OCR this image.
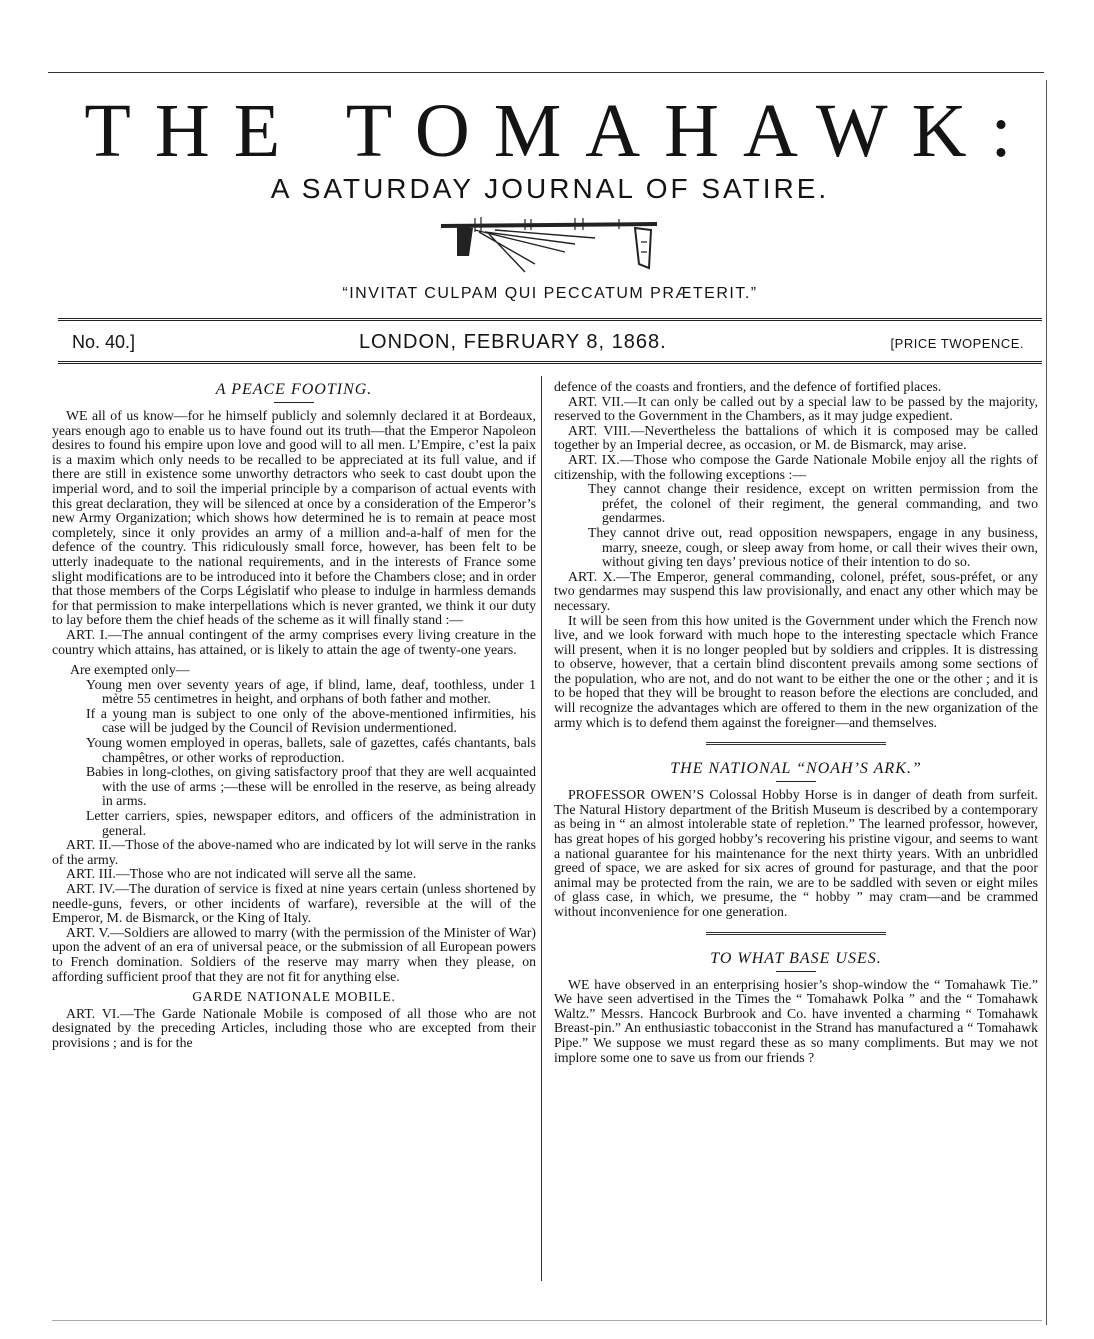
THE TOMAHAWK:
A SATURDAY JOURNAL OF SATIRE.
“INVITAT CULPAM QUI PECCATUM PRÆTERIT.”
No. 40.]	LONDON, FEBRUARY 8, 1868.	[PRICE TWOPENCE.
A PEACE FOOTING.

WE all of us know—for he himself publicly and solemnly declared it at Bordeaux, years enough ago to enable us to have found out its truth—that the Emperor Napoleon desires to found his empire upon love and good will to all men. L’Empire, c’est la paix is a maxim which only needs to be recalled to be appreciated at its full value, and if there are still in existence some unworthy detractors who seek to cast doubt upon the imperial word, and to soil the imperial principle by a comparison of actual events with this great declaration, they will be silenced at once by a consideration of the Emperor’s new Army Organization; which shows how determined he is to remain at peace most completely, since it only provides an army of a million and-a-half of men for the defence of the country. This ridiculously small force, however, has been felt to be utterly inadequate to the national requirements, and in the interests of France some slight modifications are to be introduced into it before the Chambers close; and in order that those members of the Corps Législatif who please to indulge in harmless demands for that permission to make interpellations which is never granted, we think it our duty to lay before them the chief heads of the scheme as it will finally stand :—

ART. I.—The annual contingent of the army comprises every living creature in the country which attains, has attained, or is likely to attain the age of twenty-one years.

Are exempted only—

Young men over seventy years of age, if blind, lame, deaf, toothless, under 1 mètre 55 centimetres in height, and orphans of both father and mother.

If a young man is subject to one only of the above-mentioned infirmities, his case will be judged by the Council of Revision undermentioned.

Young women employed in operas, ballets, sale of gazettes, cafés chantants, bals champêtres, or other works of reproduction.

Babies in long-clothes, on giving satisfactory proof that they are well acquainted with the use of arms ;—these will be enrolled in the reserve, as being already in arms.

Letter carriers, spies, newspaper editors, and officers of the administration in general.

ART. II.—Those of the above-named who are indicated by lot will serve in the ranks of the army.

ART. III.—Those who are not indicated will serve all the same.

ART. IV.—The duration of service is fixed at nine years certain (unless shortened by needle-guns, fevers, or other incidents of warfare), reversible at the will of the Emperor, M. de Bismarck, or the King of Italy.

ART. V.—Soldiers are allowed to marry (with the permission of the Minister of War) upon the advent of an era of universal peace, or the submission of all European powers to French domination. Soldiers of the reserve may marry when they please, on affording sufficient proof that they are not fit for anything else.

GARDE NATIONALE MOBILE.

ART. VI.—The Garde Nationale Mobile is composed of all those who are not designated by the preceding Articles, including those who are excepted from their provisions ; and is for the

defence of the coasts and frontiers, and the defence of fortified places.

ART. VII.—It can only be called out by a special law to be passed by the majority, reserved to the Government in the Chambers, as it may judge expedient.

ART. VIII.—Nevertheless the battalions of which it is composed may be called together by an Imperial decree, as occasion, or M. de Bismarck, may arise.

ART. IX.—Those who compose the Garde Nationale Mobile enjoy all the rights of citizenship, with the following exceptions :—

They cannot change their residence, except on written permission from the préfet, the colonel of their regiment, the general commanding, and two gendarmes.

They cannot drive out, read opposition newspapers, engage in any business, marry, sneeze, cough, or sleep away from home, or call their wives their own, without giving ten days’ previous notice of their intention to do so.

ART. X.—The Emperor, general commanding, colonel, préfet, sous-préfet, or any two gendarmes may suspend this law provisionally, and enact any other which may be necessary.

It will be seen from this how united is the Government under which the French now live, and we look forward with much hope to the interesting spectacle which France will present, when it is no longer peopled but by soldiers and cripples. It is distressing to observe, however, that a certain blind discontent prevails among some sections of the population, who are not, and do not want to be either the one or the other ; and it is to be hoped that they will be brought to reason before the elections are concluded, and will recognize the advantages which are offered to them in the new organization of the army which is to defend them against the foreigner—and themselves.

THE NATIONAL “NOAH’S ARK.”

PROFESSOR OWEN’S Colossal Hobby Horse is in danger of death from surfeit. The Natural History department of the British Museum is described by a contemporary as being in “ an almost intolerable state of repletion.” The learned professor, however, has great hopes of his gorged hobby’s recovering his pristine vigour, and seems to want a national guarantee for his maintenance for the next thirty years. With an unbridled greed of space, we are asked for six acres of ground for pasturage, and that the poor animal may be protected from the rain, we are to be saddled with seven or eight miles of glass case, in which, we presume, the “ hobby ” may cram—and be crammed without inconvenience for one generation.

TO WHAT BASE USES.

WE have observed in an enterprising hosier’s shop-window the “ Tomahawk Tie.” We have seen advertised in the Times the “ Tomahawk Polka ” and the “ Tomahawk Waltz.” Messrs. Hancock Burbrook and Co. have invented a charming “ Tomahawk Breast-pin.” An enthusiastic tobacconist in the Strand has manufactured a “ Tomahawk Pipe.” We suppose we must regard these as so many compliments. But may we not implore some one to save us from our friends ?
